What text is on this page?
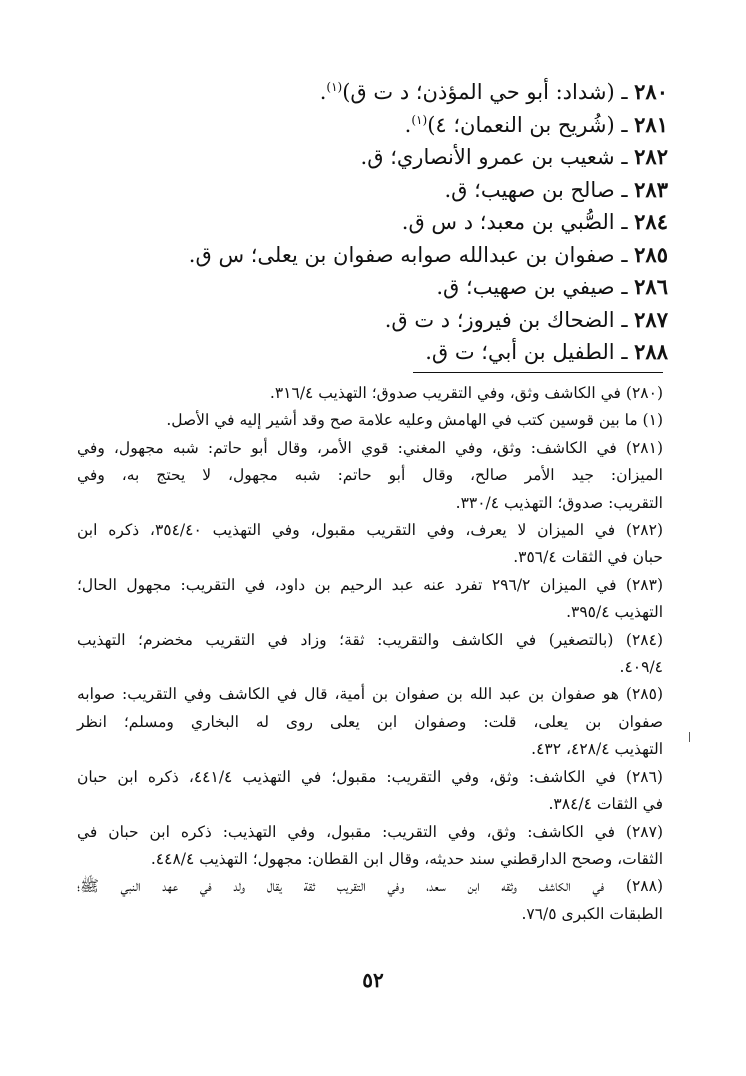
٢٨٠ ـ (شداد: أبو حي المؤذن؛ د ت ق)$^{(١)}$.
٢٨١ ـ (شُريح بن النعمان؛ ٤)$^{(١)}$.
٢٨٢ ـ شعيب بن عمرو الأنصاري؛ ق.
٢٨٣ ـ صالح بن صهيب؛ ق.
٢٨٤ ـ الصُّبي بن معبد؛ د س ق.
٢٨٥ ـ صفوان بن عبدالله صوابه صفوان بن يعلى؛ س ق.
٢٨٦ ـ صيفي بن صهيب؛ ق.
٢٨٧ ـ الضحاك بن فيروز؛ د ت ق.
٢٨٨ ـ الطفيل بن أبي؛ ت ق.
(٢٨٠) في الكاشف وثق، وفي التقريب صدوق؛ التهذيب ٣١٦/٤.
(١) ما بين قوسين كتب في الهامش وعليه علامة صح وقد أشير إليه في الأصل.
(٢٨١) في الكاشف: وثق، وفي المغني: قوي الأمر، وقال أبو حاتم: شبه مجهول، وفي
الميزان: جيد الأمر صالح، وقال أبو حاتم: شبه مجهول، لا يحتج به، وفي
التقريب: صدوق؛ التهذيب ٣٣٠/٤.
(٢٨٢) في الميزان لا يعرف، وفي التقريب مقبول، وفي التهذيب ٣٥٤/٤٠، ذكره ابن
حبان في الثقات ٣٥٦/٤.
(٢٨٣) في الميزان ٢٩٦/٢ تفرد عنه عبد الرحيم بن داود، في التقريب: مجهول الحال؛
التهذيب ٣٩٥/٤.
(٢٨٤) (بالتصغير) في الكاشف والتقريب: ثقة؛ وزاد في التقريب مخضرم؛ التهذيب
٤٠٩/٤.
(٢٨٥) هو صفوان بن عبد الله بن صفوان بن أمية، قال في الكاشف وفي التقريب: صوابه
صفوان بن يعلى، قلت: وصفوان ابن يعلى روى له البخاري ومسلم؛ انظر
التهذيب ٤٢٨/٤، ٤٣٢.
(٢٨٦) في الكاشف: وثق، وفي التقريب: مقبول؛ في التهذيب ٤٤١/٤، ذكره ابن حبان
في الثقات ٣٨٤/٤.
(٢٨٧) في الكاشف: وثق، وفي التقريب: مقبول، وفي التهذيب: ذكره ابن حبان في
الثقات، وصحح الدارقطني سند حديثه، وقال ابن القطان: مجهول؛ التهذيب ٤٤٨/٤.
(٢٨٨) في الكاشف وثقه ابن سعد، وفي التقريب ثقة يقال ولد في عهد النبي ﷺ؛
الطبقات الكبرى ٧٦/٥.
٥٢
